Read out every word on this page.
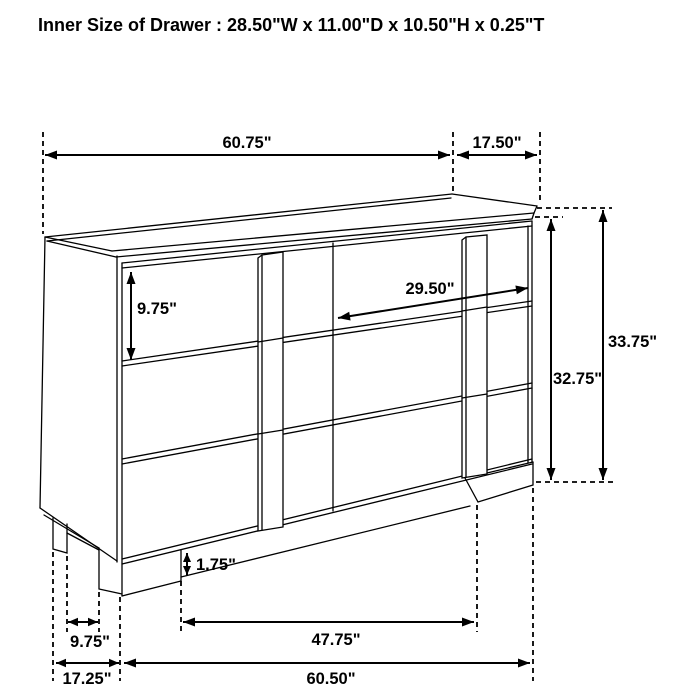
Inner Size of Drawer : 28.50"W x 11.00"D x 10.50"H x 0.25"T
60.75"	17.50"
33.75"
32.75"
9.75"
29.50"
1.75"
9.75"	47.75"
17.25"	60.50"
